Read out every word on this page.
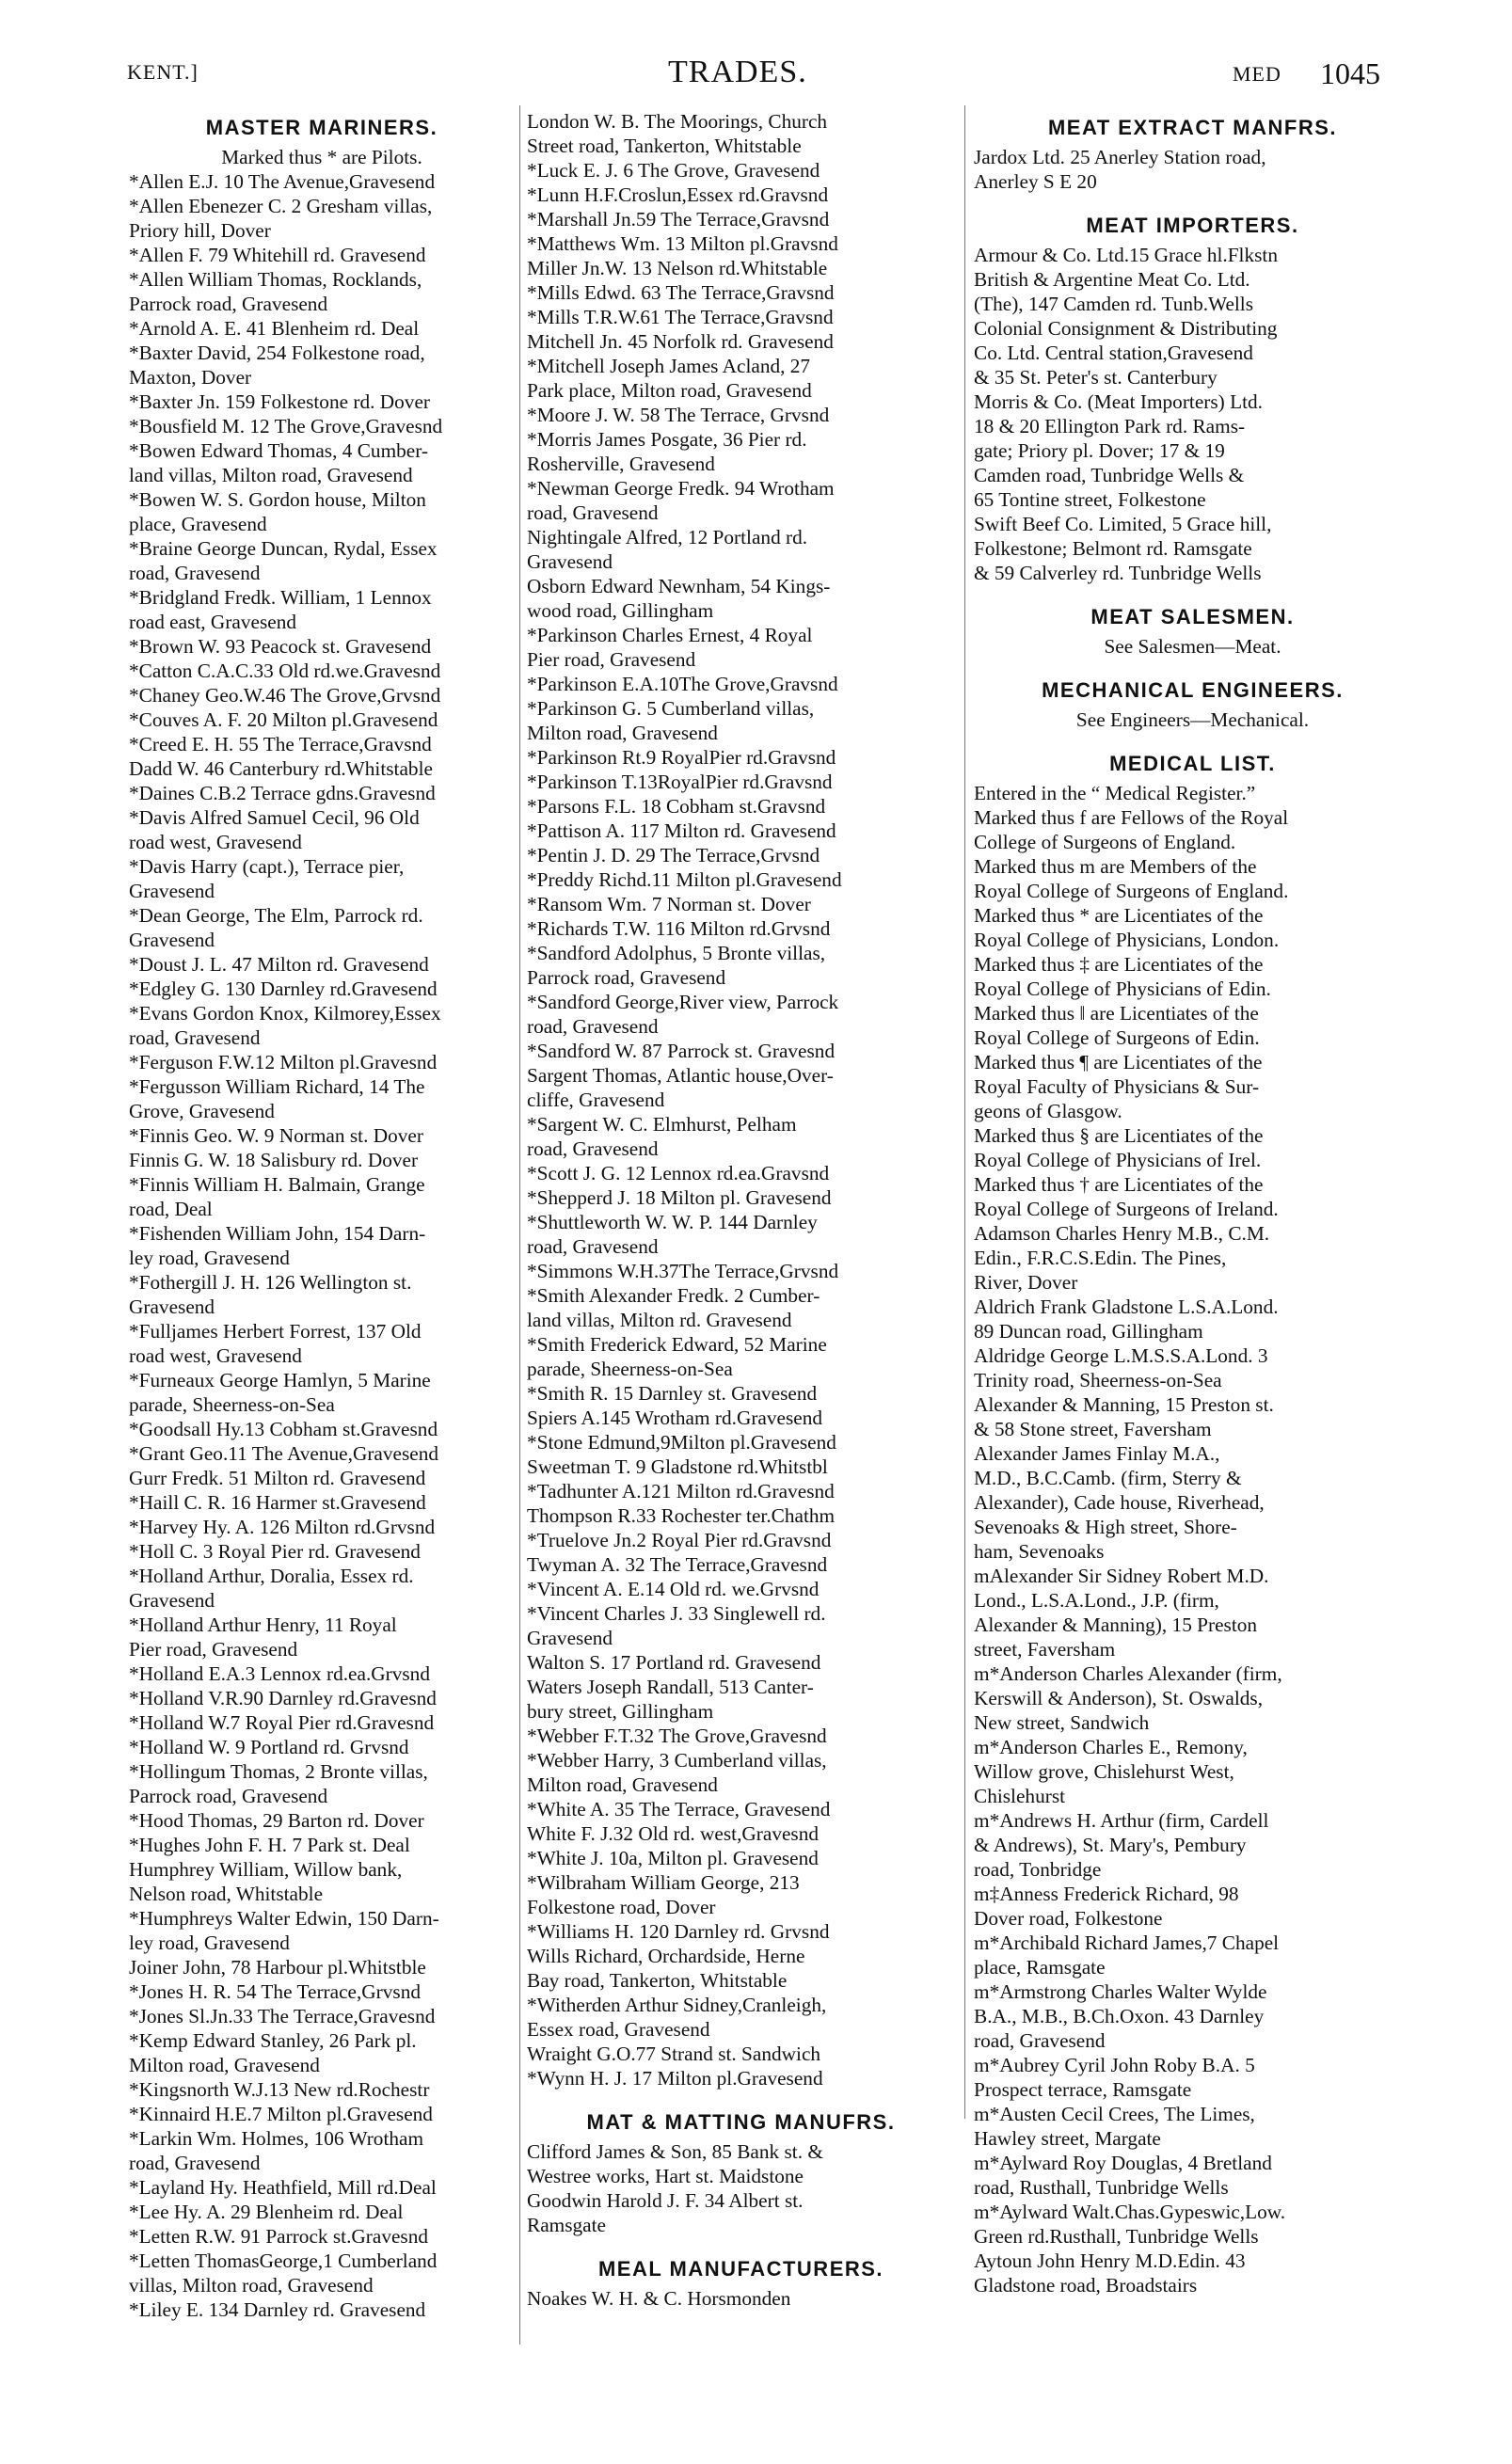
KENT.]	TRADES.	MED 1045
MASTER MARINERS.
Marked thus * are Pilots.
*Allen E.J. 10 The Avenue,Gravesend
*Allen Ebenezer C. 2 Gresham villas,
Priory hill, Dover
*Allen F. 79 Whitehill rd. Gravesend
*Allen William Thomas, Rocklands,
Parrock road, Gravesend
*Arnold A. E. 41 Blenheim rd. Deal
*Baxter David, 254 Folkestone road,
Maxton, Dover
*Baxter Jn. 159 Folkestone rd. Dover
*Bousfield M. 12 The Grove,Gravesnd
*Bowen Edward Thomas, 4 Cumber-
land villas, Milton road, Gravesend
*Bowen W. S. Gordon house, Milton
place, Gravesend
*Braine George Duncan, Rydal, Essex
road, Gravesend
*Bridgland Fredk. William, 1 Lennox
road east, Gravesend
*Brown W. 93 Peacock st. Gravesend
*Catton C.A.C.33 Old rd.we.Gravesnd
*Chaney Geo.W.46 The Grove,Grvsnd
*Couves A. F. 20 Milton pl.Gravesend
*Creed E. H. 55 The Terrace,Gravsnd
Dadd W. 46 Canterbury rd.Whitstable
*Daines C.B.2 Terrace gdns.Gravesnd
*Davis Alfred Samuel Cecil, 96 Old
road west, Gravesend
*Davis Harry (capt.), Terrace pier,
Gravesend
*Dean George, The Elm, Parrock rd.
Gravesend
*Doust J. L. 47 Milton rd. Gravesend
*Edgley G. 130 Darnley rd.Gravesend
*Evans Gordon Knox, Kilmorey,Essex
road, Gravesend
*Ferguson F.W.12 Milton pl.Gravesnd
*Fergusson William Richard, 14 The
Grove, Gravesend
*Finnis Geo. W. 9 Norman st. Dover
Finnis G. W. 18 Salisbury rd. Dover
*Finnis William H. Balmain, Grange
road, Deal
*Fishenden William John, 154 Darn-
ley road, Gravesend
*Fothergill J. H. 126 Wellington st.
Gravesend
*Fulljames Herbert Forrest, 137 Old
road west, Gravesend
*Furneaux George Hamlyn, 5 Marine
parade, Sheerness-on-Sea
*Goodsall Hy.13 Cobham st.Gravesnd
*Grant Geo.11 The Avenue,Gravesend
Gurr Fredk. 51 Milton rd. Gravesend
*Haill C. R. 16 Harmer st.Gravesend
*Harvey Hy. A. 126 Milton rd.Grvsnd
*Holl C. 3 Royal Pier rd. Gravesend
*Holland Arthur, Doralia, Essex rd.
Gravesend
*Holland Arthur Henry, 11 Royal
Pier road, Gravesend
*Holland E.A.3 Lennox rd.ea.Grvsnd
*Holland V.R.90 Darnley rd.Gravesnd
*Holland W.7 Royal Pier rd.Gravesnd
*Holland W. 9 Portland rd. Grvsnd
*Hollingum Thomas, 2 Bronte villas,
Parrock road, Gravesend
*Hood Thomas, 29 Barton rd. Dover
*Hughes John F. H. 7 Park st. Deal
Humphrey William, Willow bank,
Nelson road, Whitstable
*Humphreys Walter Edwin, 150 Darn-
ley road, Gravesend
Joiner John, 78 Harbour pl.Whitstble
*Jones H. R. 54 The Terrace,Grvsnd
*Jones Sl.Jn.33 The Terrace,Gravesnd
*Kemp Edward Stanley, 26 Park pl.
Milton road, Gravesend
*Kingsnorth W.J.13 New rd.Rochestr
*Kinnaird H.E.7 Milton pl.Gravesend
*Larkin Wm. Holmes, 106 Wrotham
road, Gravesend
*Layland Hy. Heathfield, Mill rd.Deal
*Lee Hy. A. 29 Blenheim rd. Deal
*Letten R.W. 91 Parrock st.Gravesnd
*Letten ThomasGeorge,1 Cumberland
villas, Milton road, Gravesend
*Liley E. 134 Darnley rd. Gravesend
London W. B. The Moorings, Church
Street road, Tankerton, Whitstable
*Luck E. J. 6 The Grove, Gravesend
*Lunn H.F.Croslun,Essex rd.Gravsnd
*Marshall Jn.59 The Terrace,Gravsnd
*Matthews Wm. 13 Milton pl.Gravsnd
Miller Jn.W. 13 Nelson rd.Whitstable
*Mills Edwd. 63 The Terrace,Gravsnd
*Mills T.R.W.61 The Terrace,Gravsnd
Mitchell Jn. 45 Norfolk rd. Gravesend
*Mitchell Joseph James Acland, 27
Park place, Milton road, Gravesend
*Moore J. W. 58 The Terrace, Grvsnd
*Morris James Posgate, 36 Pier rd.
Rosherville, Gravesend
*Newman George Fredk. 94 Wrotham
road, Gravesend
Nightingale Alfred, 12 Portland rd.
Gravesend
Osborn Edward Newnham, 54 Kings-
wood road, Gillingham
*Parkinson Charles Ernest, 4 Royal
Pier road, Gravesend
*Parkinson E.A.10The Grove,Gravsnd
*Parkinson G. 5 Cumberland villas,
Milton road, Gravesend
*Parkinson Rt.9 RoyalPier rd.Gravsnd
*Parkinson T.13RoyalPier rd.Gravsnd
*Parsons F.L. 18 Cobham st.Gravsnd
*Pattison A. 117 Milton rd. Gravesend
*Pentin J. D. 29 The Terrace,Grvsnd
*Preddy Richd.11 Milton pl.Gravesend
*Ransom Wm. 7 Norman st. Dover
*Richards T.W. 116 Milton rd.Grvsnd
*Sandford Adolphus, 5 Bronte villas,
Parrock road, Gravesend
*Sandford George,River view, Parrock
road, Gravesend
*Sandford W. 87 Parrock st. Gravesnd
Sargent Thomas, Atlantic house,Over-
cliffe, Gravesend
*Sargent W. C. Elmhurst, Pelham
road, Gravesend
*Scott J. G. 12 Lennox rd.ea.Gravsnd
*Shepperd J. 18 Milton pl. Gravesend
*Shuttleworth W. W. P. 144 Darnley
road, Gravesend
*Simmons W.H.37The Terrace,Grvsnd
*Smith Alexander Fredk. 2 Cumber-
land villas, Milton rd. Gravesend
*Smith Frederick Edward, 52 Marine
parade, Sheerness-on-Sea
*Smith R. 15 Darnley st. Gravesend
Spiers A.145 Wrotham rd.Gravesend
*Stone Edmund,9Milton pl.Gravesend
Sweetman T. 9 Gladstone rd.Whitstbl
*Tadhunter A.121 Milton rd.Gravesnd
Thompson R.33 Rochester ter.Chathm
*Truelove Jn.2 Royal Pier rd.Gravsnd
Twyman A. 32 The Terrace,Gravesnd
*Vincent A. E.14 Old rd. we.Grvsnd
*Vincent Charles J. 33 Singlewell rd.
Gravesend
Walton S. 17 Portland rd. Gravesend
Waters Joseph Randall, 513 Canter-
bury street, Gillingham
*Webber F.T.32 The Grove,Gravesnd
*Webber Harry, 3 Cumberland villas,
Milton road, Gravesend
*White A. 35 The Terrace, Gravesend
White F. J.32 Old rd. west,Gravesnd
*White J. 10a, Milton pl. Gravesend
*Wilbraham William George, 213
Folkestone road, Dover
*Williams H. 120 Darnley rd. Grvsnd
Wills Richard, Orchardside, Herne
Bay road, Tankerton, Whitstable
*Witherden Arthur Sidney,Cranleigh,
Essex road, Gravesend
Wraight G.O.77 Strand st. Sandwich
*Wynn H. J. 17 Milton pl.Gravesend
MAT & MATTING MANUFRS.
Clifford James & Son, 85 Bank st. &
Westree works, Hart st. Maidstone
Goodwin Harold J. F. 34 Albert st.
Ramsgate
MEAL MANUFACTURERS.
Noakes W. H. & C. Horsmonden
MEAT EXTRACT MANFRS.
Jardox Ltd. 25 Anerley Station road,
Anerley S E 20
MEAT IMPORTERS.
Armour & Co. Ltd.15 Grace hl.Flkstn
British & Argentine Meat Co. Ltd.
(The), 147 Camden rd. Tunb.Wells
Colonial Consignment & Distributing
Co. Ltd. Central station,Gravesend
& 35 St. Peter's st. Canterbury
Morris & Co. (Meat Importers) Ltd.
18 & 20 Ellington Park rd. Rams-
gate; Priory pl. Dover; 17 & 19
Camden road, Tunbridge Wells &
65 Tontine street, Folkestone
Swift Beef Co. Limited, 5 Grace hill,
Folkestone; Belmont rd. Ramsgate
& 59 Calverley rd. Tunbridge Wells
MEAT SALESMEN.
See Salesmen—Meat.
MECHANICAL ENGINEERS.
See Engineers—Mechanical.
MEDICAL LIST.
Entered in the “ Medical Register.”
Marked thus f are Fellows of the Royal
College of Surgeons of England.
Marked thus m are Members of the
Royal College of Surgeons of England.
Marked thus * are Licentiates of the
Royal College of Physicians, London.
Marked thus ‡ are Licentiates of the
Royal College of Physicians of Edin.
Marked thus ‖ are Licentiates of the
Royal College of Surgeons of Edin.
Marked thus ¶ are Licentiates of the
Royal Faculty of Physicians & Sur-
geons of Glasgow.
Marked thus § are Licentiates of the
Royal College of Physicians of Irel.
Marked thus † are Licentiates of the
Royal College of Surgeons of Ireland.
Adamson Charles Henry M.B., C.M.
Edin., F.R.C.S.Edin. The Pines,
River, Dover
Aldrich Frank Gladstone L.S.A.Lond.
89 Duncan road, Gillingham
Aldridge George L.M.S.S.A.Lond. 3
Trinity road, Sheerness-on-Sea
Alexander & Manning, 15 Preston st.
& 58 Stone street, Faversham
Alexander James Finlay M.A.,
M.D., B.C.Camb. (firm, Sterry &
Alexander), Cade house, Riverhead,
Sevenoaks & High street, Shore-
ham, Sevenoaks
mAlexander Sir Sidney Robert M.D.
Lond., L.S.A.Lond., J.P. (firm,
Alexander & Manning), 15 Preston
street, Faversham
m*Anderson Charles Alexander (firm,
Kerswill & Anderson), St. Oswalds,
New street, Sandwich
m*Anderson Charles E., Remony,
Willow grove, Chislehurst West,
Chislehurst
m*Andrews H. Arthur (firm, Cardell
& Andrews), St. Mary's, Pembury
road, Tonbridge
m‡Anness Frederick Richard, 98
Dover road, Folkestone
m*Archibald Richard James,7 Chapel
place, Ramsgate
m*Armstrong Charles Walter Wylde
B.A., M.B., B.Ch.Oxon. 43 Darnley
road, Gravesend
m*Aubrey Cyril John Roby B.A. 5
Prospect terrace, Ramsgate
m*Austen Cecil Crees, The Limes,
Hawley street, Margate
m*Aylward Roy Douglas, 4 Bretland
road, Rusthall, Tunbridge Wells
m*Aylward Walt.Chas.Gypeswic,Low.
Green rd.Rusthall, Tunbridge Wells
Aytoun John Henry M.D.Edin. 43
Gladstone road, Broadstairs
